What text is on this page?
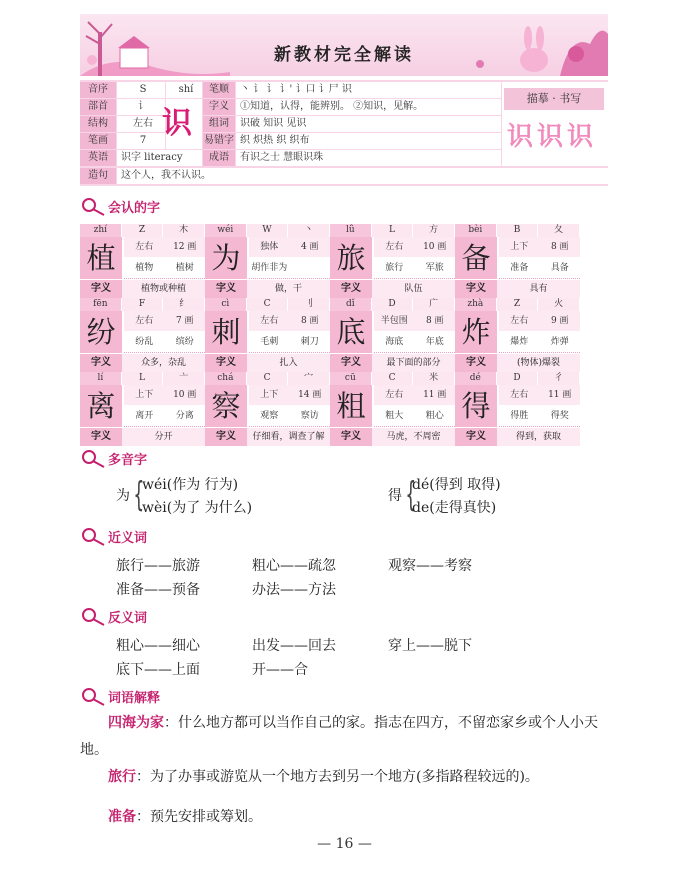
新教材完全解读
音序	S	shí
部首	讠
结构	左右
笔画	7
英语	识字 literacy
笔顺	丶 讠 讠 讠' 讠口 讠尸 识
字义	①知道，认得，能辨别。 ②知识，见解。
组词	识破 知识 见识
易错字 织 炽热 织 织布
成语	有识之士 慧眼识珠
造句	这个人，我不认识。
识
描摹 · 书写
识识识
会认的字
zhí	Z	木
植	左右	12 画
植物	植树
字义	植物或种植
wéi	W	丶
为	独体	4 画
胡作非为
字义	做，干
lǚ	L	方
旅	左右	10 画
旅行	军旅
字义	队伍
bèi	B	夂
备	上下	8 画
准备	具备
字义	具有
fēn	F	纟
纷	左右	7 画
纷乱	缤纷
字义	众多，杂乱
cì	C	刂
刺	左右	8 画
毛刺	刺刀
字义	扎入
dǐ	D	广
底	半包围	8 画
海底	年底
字义	最下面的部分
zhà	Z	火
炸	左右	9 画
爆炸	炸弹
字义	(物体)爆裂
lí	L	亠
离	上下	10 画
离开	分离
字义	分开
chá	C	宀
察	上下	14 画
观察	察访
字义	仔细看，调查了解
cū	C	米
粗	左右	11 画
粗大	粗心
字义	马虎，不周密
dé	D	彳
得	左右	11 画
得胜	得奖
字义	得到，获取
多音字
为 {
wéi(作为 行为)
wèi(为了 为什么)
得 {
dé(得到 取得)
de(走得真快)
近义词
旅行——旅游	粗心——疏忽	观察——考察
准备——预备	办法——方法
反义词
粗心——细心	出发——回去	穿上——脱下
底下——上面	开——合
词语解释
四海为家：什么地方都可以当作自己的家。指志在四方，不留恋家乡或个人小天地。
旅行：为了办事或游览从一个地方去到另一个地方(多指路程较远的)。
准备：预先安排或筹划。
— 16 —
